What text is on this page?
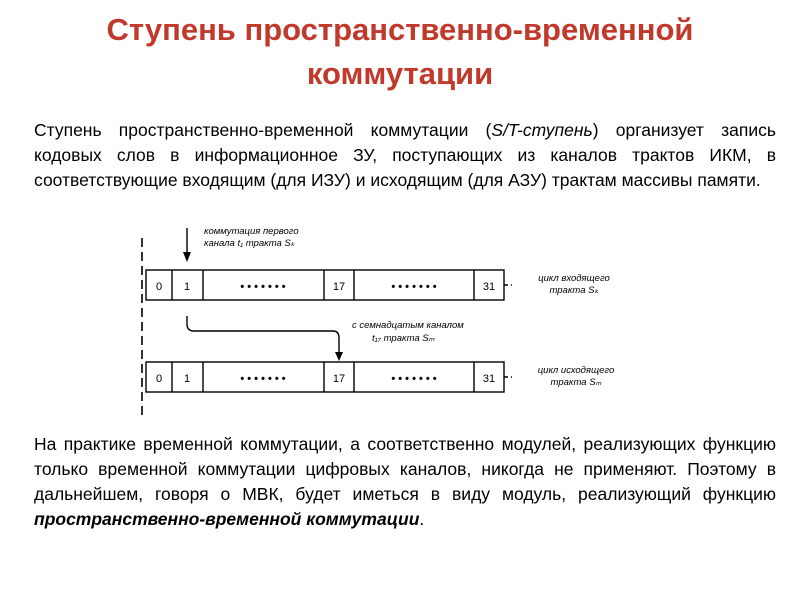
Ступень пространственно-временной
коммутации
Ступень пространственно-временной коммутации (S/T-ступень) организует запись кодовых слов в информационное ЗУ, поступающих из каналов трактов ИКМ, в соответствующие входящим (для ИЗУ) и исходящим (для АЗУ) трактам массивы памяти.
коммутация первого
канала t₁ тракта Sₖ
0 1	• • • • • • •	17	• • • • • • •	31
цикл входящего
тракта Sₖ
с семнадцатым каналом
t₁₇ тракта Sₘ
0 1	• • • • • • •	17	• • • • • • •	31
цикл исходящего
тракта Sₘ
На практике временной коммутации, а соответственно модулей, реализующих функцию только временной коммутации цифровых каналов, никогда не применяют. Поэтому в дальнейшем, говоря о МВК, будет иметься в виду модуль, реализующий функцию пространственно-временной коммутации.
